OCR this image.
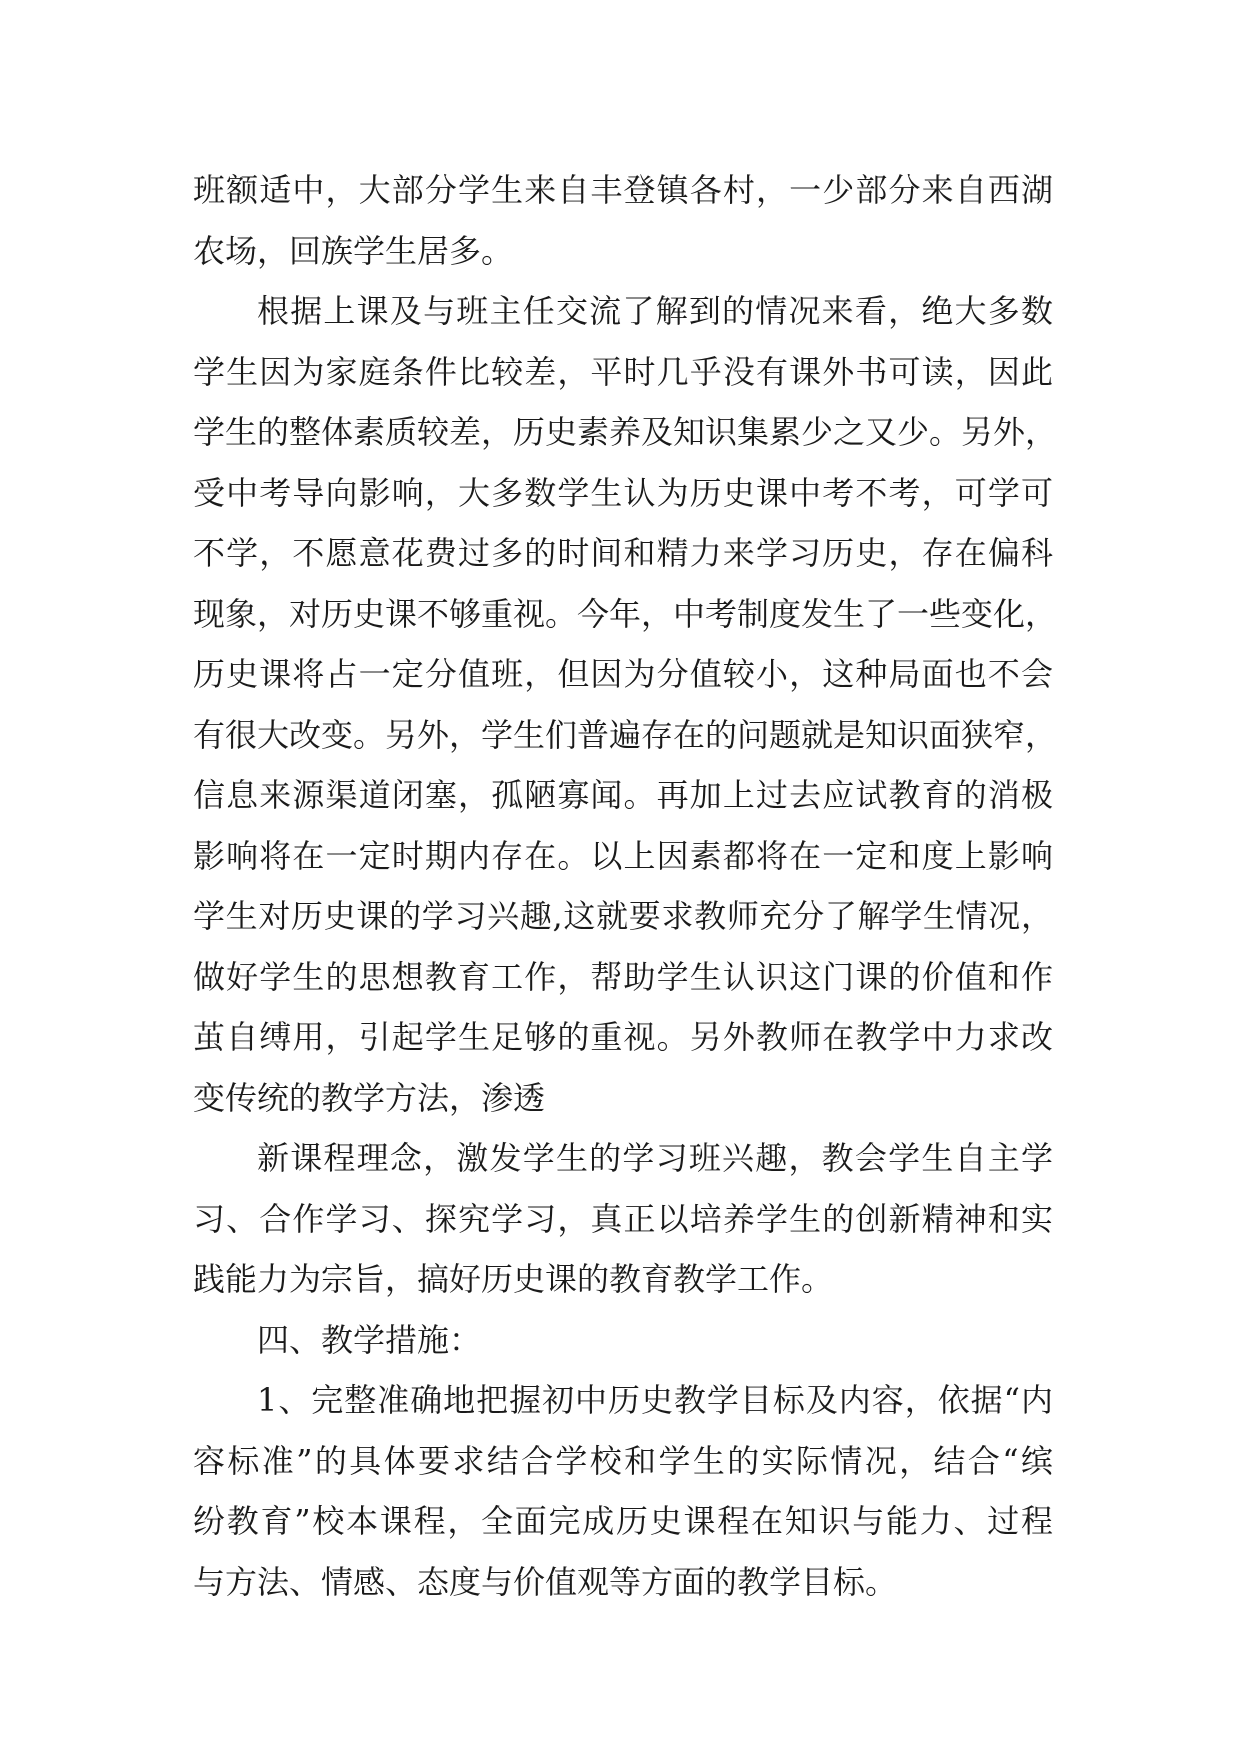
班额适中，大部分学生来自丰登镇各村，一少部分来自西湖
农场，回族学生居多。
根据上课及与班主任交流了解到的情况来看，绝大多数
学生因为家庭条件比较差，平时几乎没有课外书可读，因此
学生的整体素质较差，历史素养及知识集累少之又少。另外，
受中考导向影响，大多数学生认为历史课中考不考，可学可
不学，不愿意花费过多的时间和精力来学习历史，存在偏科
现象，对历史课不够重视。今年，中考制度发生了一些变化，
历史课将占一定分值班，但因为分值较小，这种局面也不会
有很大改变。另外，学生们普遍存在的问题就是知识面狭窄，
信息来源渠道闭塞，孤陋寡闻。再加上过去应试教育的消极
影响将在一定时期内存在。以上因素都将在一定和度上影响
学生对历史课的学习兴趣,这就要求教师充分了解学生情况，
做好学生的思想教育工作，帮助学生认识这门课的价值和作
茧自缚用，引起学生足够的重视。另外教师在教学中力求改
变传统的教学方法，渗透
新课程理念，激发学生的学习班兴趣，教会学生自主学
习、合作学习、探究学习，真正以培养学生的创新精神和实
践能力为宗旨，搞好历史课的教育教学工作。
四、教学措施：
1、完整准确地把握初中历史教学目标及内容，依据“内
容标准”的具体要求结合学校和学生的实际情况，结合“缤
纷教育”校本课程，全面完成历史课程在知识与能力、过程
与方法、情感、态度与价值观等方面的教学目标。
